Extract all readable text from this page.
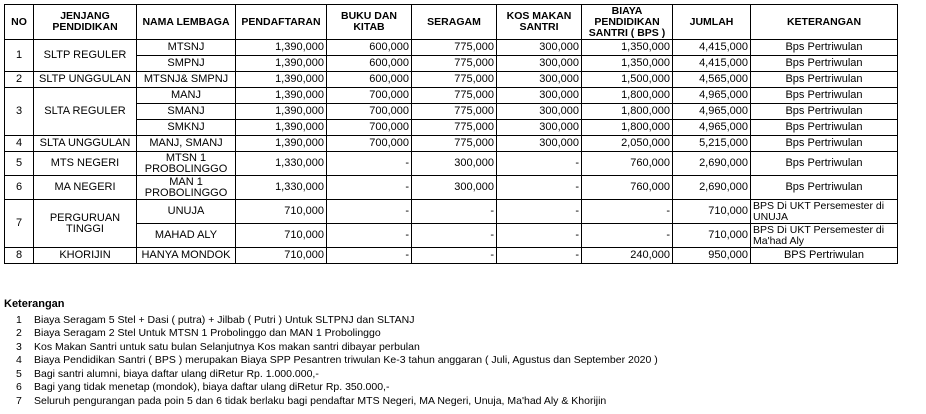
NO	JENJANG PENDIDIKAN	NAMA LEMBAGA	PENDAFTARAN	BUKU DAN KITAB	SERAGAM	KOS MAKAN SANTRI	BIAYA PENDIDIKAN SANTRI ( BPS )	JUMLAH	KETERANGAN
1	SLTP REGULER	MTSNJ	1,390,000	600,000	775,000	300,000	1,350,000	4,415,000	Bps Pertriwulan
		SMPNJ	1,390,000	600,000	775,000	300,000	1,350,000	4,415,000	Bps Pertriwulan
2	SLTP UNGGULAN	MTSNJ& SMPNJ	1,390,000	600,000	775,000	300,000	1,500,000	4,565,000	Bps Pertriwulan
3	SLTA REGULER	MANJ	1,390,000	700,000	775,000	300,000	1,800,000	4,965,000	Bps Pertriwulan
		SMANJ	1,390,000	700,000	775,000	300,000	1,800,000	4,965,000	Bps Pertriwulan
		SMKNJ	1,390,000	700,000	775,000	300,000	1,800,000	4,965,000	Bps Pertriwulan
4	SLTA UNGGULAN	MANJ, SMANJ	1,390,000	700,000	775,000	300,000	2,050,000	5,215,000	Bps Pertriwulan
5	MTS NEGERI	MTSN 1 PROBOLINGGO	1,330,000	-	300,000	-	760,000	2,690,000	Bps Pertriwulan
6	MA NEGERI	MAN 1 PROBOLINGGO	1,330,000	-	300,000	-	760,000	2,690,000	Bps Pertriwulan
7	PERGURUAN TINGGI	UNUJA	710,000	-	-	-	-	710,000	BPS Di UKT Persemester di UNUJA
		MAHAD ALY	710,000	-	-	-	-	710,000	BPS Di UKT Persemester di Ma'had Aly
8	KHORIJIN	HANYA MONDOK	710,000	-	-	-	240,000	950,000	BPS Pertriwulan
Keterangan
1	Biaya Seragam 5 Stel + Dasi ( putra) + Jilbab ( Putri ) Untuk SLTPNJ dan SLTANJ
2	Biaya Seragam 2 Stel Untuk MTSN 1 Probolinggo dan MAN 1 Probolinggo
3	Kos Makan Santri untuk satu bulan Selanjutnya Kos makan santri dibayar perbulan
4	Biaya Pendidikan Santri ( BPS ) merupakan Biaya SPP Pesantren triwulan Ke-3 tahun anggaran ( Juli, Agustus dan September 2020 )
5	Bagi santri alumni, biaya daftar ulang diRetur Rp. 1.000.000,-
6	Bagi yang tidak menetap (mondok), biaya daftar ulang diRetur Rp. 350.000,-
7	Seluruh pengurangan pada poin 5 dan 6 tidak berlaku bagi pendaftar MTS Negeri, MA Negeri, Unuja, Ma'had Aly & Khorijin
